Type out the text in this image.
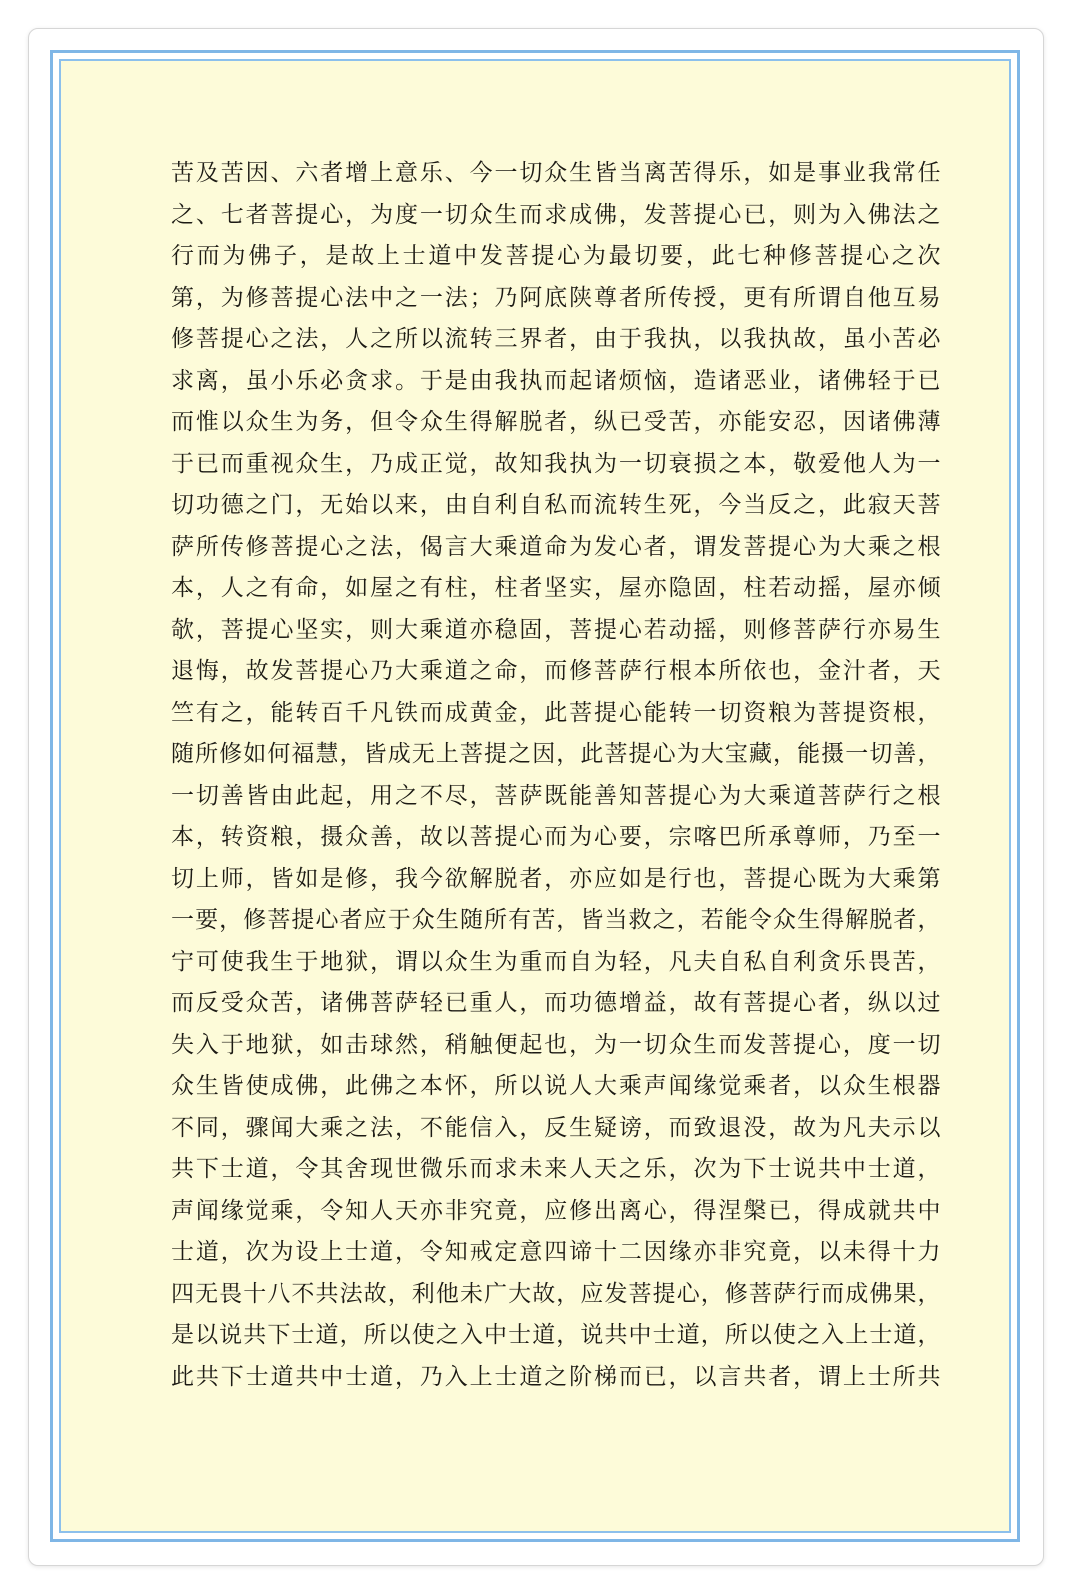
苦及苦因、六者增上意乐、今一切众生皆当离苦得乐，如是事业我常任
之、七者菩提心，为度一切众生而求成佛，发菩提心已，则为入佛法之
行而为佛子，是故上士道中发菩提心为最切要，此七种修菩提心之次
第，为修菩提心法中之一法；乃阿底陕尊者所传授，更有所谓自他互易
修菩提心之法，人之所以流转三界者，由于我执，以我执故，虽小苦必
求离，虽小乐必贪求。于是由我执而起诸烦恼，造诸恶业，诸佛轻于已
而惟以众生为务，但令众生得解脱者，纵已受苦，亦能安忍，因诸佛薄
于已而重视众生，乃成正觉，故知我执为一切衰损之本，敬爱他人为一
切功德之门，无始以来，由自利自私而流转生死，今当反之，此寂天菩
萨所传修菩提心之法，偈言大乘道命为发心者，谓发菩提心为大乘之根
本，人之有命，如屋之有柱，柱者坚实，屋亦隐固，柱若动摇，屋亦倾
欹，菩提心坚实，则大乘道亦稳固，菩提心若动摇，则修菩萨行亦易生
退悔，故发菩提心乃大乘道之命，而修菩萨行根本所依也，金汁者，天
竺有之，能转百千凡铁而成黄金，此菩提心能转一切资粮为菩提资根，
随所修如何福慧，皆成无上菩提之因，此菩提心为大宝藏，能摄一切善，
一切善皆由此起，用之不尽，菩萨既能善知菩提心为大乘道菩萨行之根
本，转资粮，摄众善，故以菩提心而为心要，宗喀巴所承尊师，乃至一
切上师，皆如是修，我今欲解脱者，亦应如是行也，菩提心既为大乘第
一要，修菩提心者应于众生随所有苦，皆当救之，若能令众生得解脱者，
宁可使我生于地狱，谓以众生为重而自为轻，凡夫自私自利贪乐畏苦，
而反受众苦，诸佛菩萨轻已重人，而功德增益，故有菩提心者，纵以过
失入于地狱，如击球然，稍触便起也，为一切众生而发菩提心，度一切
众生皆使成佛，此佛之本怀，所以说人大乘声闻缘觉乘者，以众生根器
不同，骤闻大乘之法，不能信入，反生疑谤，而致退没，故为凡夫示以
共下士道，令其舍现世微乐而求未来人天之乐，次为下士说共中士道，
声闻缘觉乘，令知人天亦非究竟，应修出离心，得涅槃已，得成就共中
士道，次为设上士道，令知戒定意四谛十二因缘亦非究竟，以未得十力
四无畏十八不共法故，利他未广大故，应发菩提心，修菩萨行而成佛果，
是以说共下士道，所以使之入中士道，说共中士道，所以使之入上士道，
此共下士道共中士道，乃入上士道之阶梯而已，以言共者，谓上士所共
